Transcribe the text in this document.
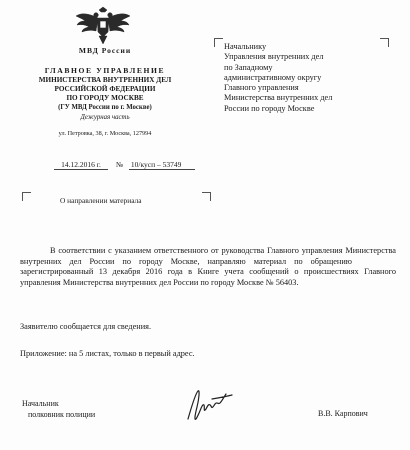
МВД России
ГЛАВНОЕ УПРАВЛЕНИЕ
МИНИСТЕРСТВА ВНУТРЕННИХ ДЕЛ
РОССИЙСКОЙ ФЕДЕРАЦИИ
ПО ГОРОДУ МОСКВЕ
(ГУ МВД России по г. Москве)
Дежурная часть
ул. Петровка, 38, г. Москва, 127994
14.12.2016 г. № 10/кусп – 53749
О направлении материала
Начальнику
Управления внутренних дел
по Западному
административному округу
Главного управления
Министерства внутренних дел
России по городу Москве
В соответствии с указанием ответственного от руководства Главного управления Министерства внутренних дел России по городу Москве, направляю материал по обращениюзарегистрированный 13 декабря 2016 года в Книге учета сообщений о происшествиях Главного управления Министерства внутренних дел России по городу Москве № 56403.
Заявителю сообщается для сведения.
Приложение: на 5 листах, только в первый адрес.
Начальник
полковник полиции	В.В. Карпович
